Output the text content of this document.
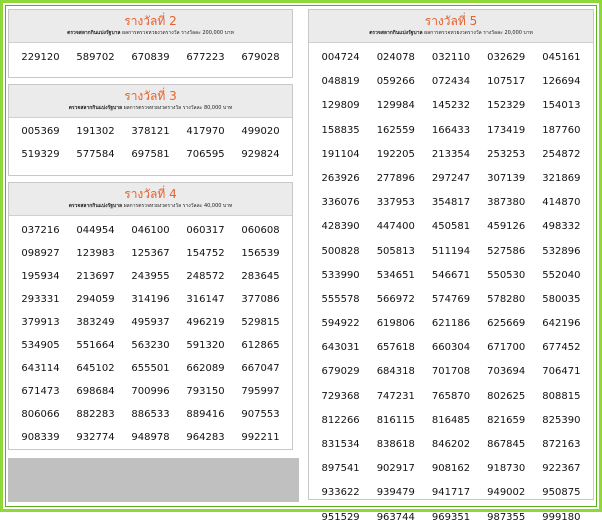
รางวัลที่ 2
ตรวจสลากกินแบ่งรัฐบาล ผลการตรวจหวยงวดรางวัล รางวัลละ 200,000 บาท
229120	589702	670839	677223	679028
รางวัลที่ 3
ตรวจสลากกินแบ่งรัฐบาล ผลการตรวจหวยงวดรางวัล รางวัลละ 80,000 บาท
005369	191302	378121	417970	499020
519329	577584	697581	706595	929824
รางวัลที่ 4
ตรวจสลากกินแบ่งรัฐบาล ผลการตรวจหวยงวดรางวัล รางวัลละ 40,000 บาท
037216	044954	046100	060317	060608
098927	123983	125367	154752	156539
195934	213697	243955	248572	283645
293331	294059	314196	316147	377086
379913	383249	495937	496219	529815
534905	551664	563230	591320	612865
643114	645102	655501	662089	667047
671473	698684	700996	793150	795997
806066	882283	886533	889416	907553
908339	932774	948978	964283	992211
รางวัลที่ 5
ตรวจสลากกินแบ่งรัฐบาล ผลการตรวจหวยงวดรางวัล รางวัลละ 20,000 บาท
004724	024078	032110	032629	045161
048819	059266	072434	107517	126694
129809	129984	145232	152329	154013
158835	162559	166433	173419	187760
191104	192205	213354	253253	254872
263926	277896	297247	307139	321869
336076	337953	354817	387380	414870
428390	447400	450581	459126	498332
500828	505813	511194	527586	532896
533990	534651	546671	550530	552040
555578	566972	574769	578280	580035
594922	619806	621186	625669	642196
643031	657618	660304	671700	677452
679029	684318	701708	703694	706471
729368	747231	765870	802625	808815
812266	816115	816485	821659	825390
831534	838618	846202	867845	872163
897541	902917	908162	918730	922367
933622	939479	941717	949002	950875
951529	963744	969351	987355	999180
